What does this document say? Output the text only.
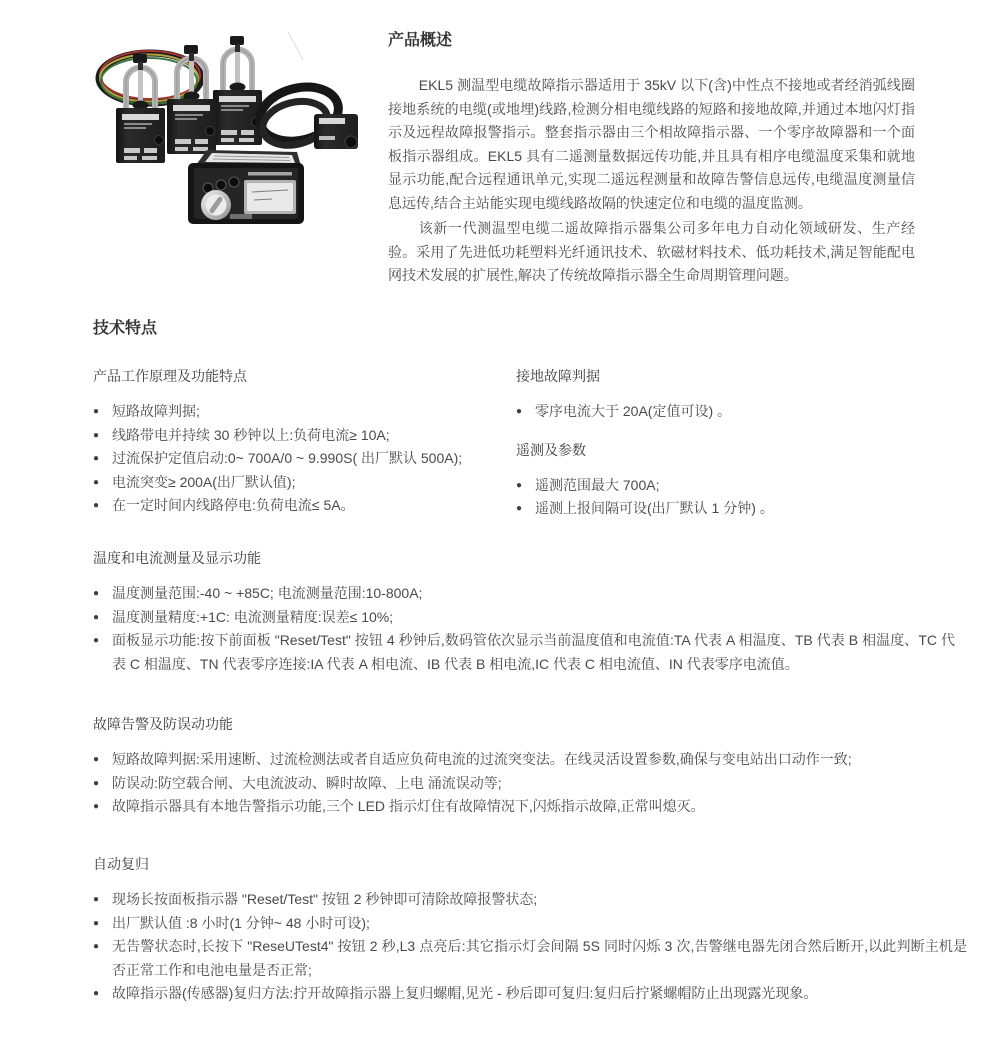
产品概述

EKL5 测温型电缆故障指示器适用于 35kV 以下(含)中性点不接地或者经消弧线圈接地系统的电缆(或地埋)线路,检测分相电缆线路的短路和接地故障,并通过本地闪灯指示及远程故障报警指示。整套指示器由三个相故障指示器、一个零序故障器和一个面板指示器组成。EKL5 具有二遥测量数据远传功能,并且具有相序电缆温度采集和就地显示功能,配合远程通讯单元,实现二遥远程测量和故障告警信息远传,电缆温度测量信息远传,结合主站能实现电缆线路故隔的快速定位和电缆的温度监测。

该新一代测温型电缆二遥故障指示器集公司多年电力自动化领域研发、生产经验。采用了先进低功耗塑料光纤通讯技术、软磁材料技术、低功耗技术,满足智能配电网技术发展的扩展性,解决了传统故障指示器全生命周期管理问题。

技术特点
产品工作原理及功能特点
● 短路故障判据;
● 线路带电并持续 30 秒钟以上:负荷电流≥ 10A;
● 过流保护定值启动:0~ 700A/0 ~ 9.990S( 出厂默认 500A);
● 电流突变≥ 200A(出厂默认值);
● 在一定时间内线路停电:负荷电流≤ 5A。
接地故障判据
● 零序电流大于 20A(定值可设) 。
遥测及参数
● 遥测范围最大 700A;
● 遥测上报间隔可设(出厂默认 1 分钟) 。
温度和电流测量及显示功能
● 温度测量范围:-40 ~ +85C; 电流测量范围:10-800A;
● 温度测量精度:+1C: 电流测量精度:误差≤ 10%;
● 面板显示功能:按下前面板 "Reset/Test" 按钮 4 秒钟后,数码管依次显示当前温度值和电流值:TA 代表 A 相温度、TB 代表 B 相温度、TC 代表 C 相温度、TN 代表零序连接:IA 代表 A 相电流、IB 代表 B 相电流,IC 代表 C 相电流值、IN 代表零序电流值。
故障告警及防误动功能
● 短路故障判据:采用速断、过流检测法或者自适应负荷电流的过流突变法。在线灵活设置参数,确保与变电站出口动作一致;
● 防误动:防空载合闸、大电流波动、瞬时故障、上电 涌流误动等;
● 故障指示器具有本地告警指示功能,三个 LED 指示灯住有故障情况下,闪烁指示故障,正常叫熄灭。
自动复归
● 现场长按面板指示器 "Reset/Test" 按钮 2 秒钟即可清除故障报警状态;
● 出厂默认值 :8 小时(1 分钟~ 48 小时可设);
● 无告警状态时,长按下 "ReseUTest4" 按钮 2 秒,L3 点亮后:其它指示灯会间隔 5S 同时闪烁 3 次,告警继电器先闭合然后断开,以此判断主机是否正常工作和电池电量是否正常;
● 故障指示器(传感器)复归方法:拧开故障指示器上复归螺帽,见光 - 秒后即可复归:复归后拧紧螺帽防止出现露光现象。
